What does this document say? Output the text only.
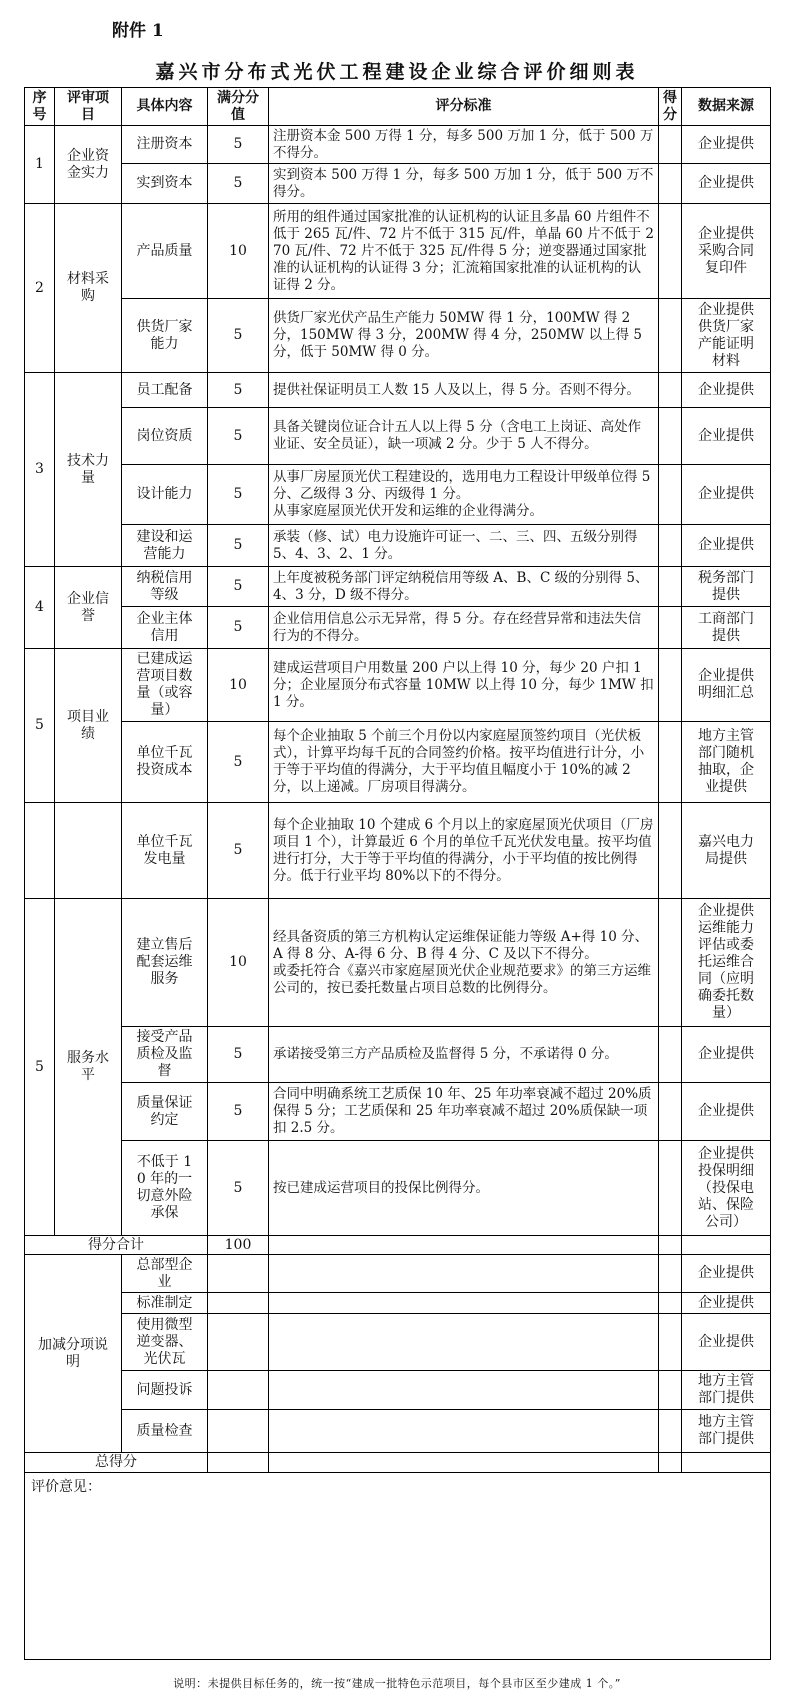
附件 1
嘉兴市分布式光伏工程建设企业综合评价细则表
序号	评审项目	具体内容	满分分值	评分标准	得分	数据来源
1	企业资金实力	注册资本	5	注册资本金 500 万得 1 分，每多 500 万加 1 分，低于 500 万不得分。		企业提供
		实到资本	5	实到资本 500 万得 1 分，每多 500 万加 1 分，低于 500 万不得分。		企业提供
2	材料采购	产品质量	10	所用的组件通过国家批准的认证机构的认证且多晶 60 片组件不低于 265 瓦/件、72 片不低于 315 瓦/件，单晶 60 片不低于 270 瓦/件、72 片不低于 325 瓦/件得 5 分；逆变器通过国家批准的认证机构的认证得 3 分；汇流箱国家批准的认证机构的认证得 2 分。		企业提供采购合同复印件
		供货厂家能力	5	供货厂家光伏产品生产能力 50MW 得 1 分，100MW 得 2 分，150MW 得 3 分，200MW 得 4 分，250MW 以上得 5 分，低于 50MW 得 0 分。		企业提供供货厂家产能证明材料
3	技术力量	员工配备	5	提供社保证明员工人数 15 人及以上，得 5 分。否则不得分。		企业提供
		岗位资质	5	具备关键岗位证合计五人以上得 5 分（含电工上岗证、高处作业证、安全员证），缺一项减 2 分。少于 5 人不得分。		企业提供
		设计能力	5	从事厂房屋顶光伏工程建设的，选用电力工程设计甲级单位得 5 分、乙级得 3 分、丙级得 1 分。
从事家庭屋顶光伏开发和运维的企业得满分。		企业提供
		建设和运营能力	5	承装（修、试）电力设施许可证一、二、三、四、五级分别得 5、4、3、2、1 分。		企业提供
4	企业信誉	纳税信用等级	5	上年度被税务部门评定纳税信用等级 A、B、C 级的分别得 5、4、3 分，D 级不得分。		税务部门提供
		企业主体信用	5	企业信用信息公示无异常，得 5 分。存在经营异常和违法失信行为的不得分。		工商部门提供
5	项目业绩	已建成运营项目数量（或容量）	10	建成运营项目户用数量 200 户以上得 10 分，每少 20 户扣 1 分；企业屋顶分布式容量 10MW 以上得 10 分，每少 1MW 扣 1 分。		企业提供明细汇总
		单位千瓦投资成本	5	每个企业抽取 5 个前三个月份以内家庭屋顶签约项目（光伏板式），计算平均每千瓦的合同签约价格。按平均值进行计分，小于等于平均值的得满分，大于平均值且幅度小于 10%的减 2 分，以上递减。厂房项目得满分。		地方主管部门随机抽取，企业提供
		单位千瓦发电量	5	每个企业抽取 10 个建成 6 个月以上的家庭屋顶光伏项目（厂房项目 1 个），计算最近 6 个月的单位千瓦光伏发电量。按平均值进行打分，大于等于平均值的得满分，小于平均值的按比例得分。低于行业平均 80%以下的不得分。		嘉兴电力局提供
5	服务水平	建立售后配套运维服务	10	经具备资质的第三方机构认定运维保证能力等级 A+得 10 分、A 得 8 分、A-得 6 分、B 得 4 分、C 及以下不得分。
或委托符合《嘉兴市家庭屋顶光伏企业规范要求》的第三方运维公司的，按已委托数量占项目总数的比例得分。		企业提供运维能力评估或委托运维合同（应明确委托数量）
		接受产品质检及监督	5	承诺接受第三方产品质检及监督得 5 分，不承诺得 0 分。		企业提供
		质量保证约定	5	合同中明确系统工艺质保 10 年、25 年功率衰减不超过 20%质保得 5 分；工艺质保和 25 年功率衰减不超过 20%质保缺一项扣 2.5 分。		企业提供
		不低于 10 年的一切意外险承保	5	按已建成运营项目的投保比例得分。		企业提供投保明细（投保电站、保险公司）
得分合计			100			
加减分项说明		总部型企业				企业提供
		标准制定				企业提供
		使用微型逆变器、光伏瓦				企业提供
		问题投诉				地方主管部门提供
		质量检查				地方主管部门提供
总得分						
评价意见：						
说明：未提供目标任务的，统一按“建成一批特色示范项目，每个县市区至少建成 1 个。”
